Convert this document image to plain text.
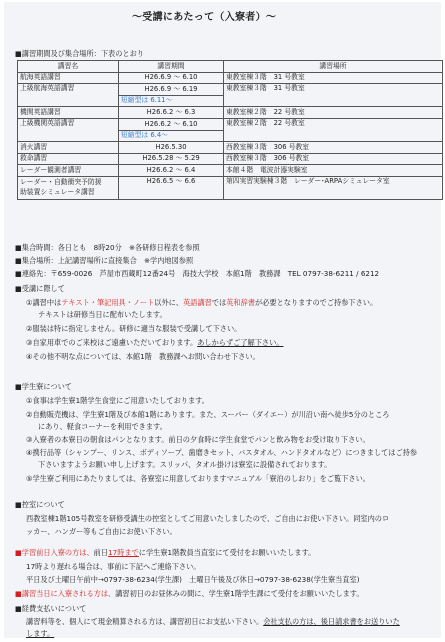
～受講にあたって（入寮者）～
■講習期間及び集合場所：下表のとおり
講習名	講習期間	講習場所
航海英語講習	H26.6.9 ～ 6.10	東教室棟３階　31 号教室
上級航海英語講習	H26.6.9 ～ 6.19	東教室棟３階　31 号教室
	短縮型は 6.11～	
機関英語講習	H26.6.2 ～ 6.3	東教室棟２階　22 号教室
上級機関英語講習	H26.6.2 ～ 6.10	東教室棟２階　22 号教室
	短縮型は 6.4～	
消火講習	H26.5.30	西教室棟３階　306 号教室
救命講習	H26.5.28 ～ 5.29	西教室棟３階　306 号教室
レーダー観測者講習	H26.6.2 ～ 6.4	本館４階　電波計器実験室
レーダー・自動衝突予防援
助装置シミュレータ講習	H26.6.5 ～ 6.6	第四実習実験棟３階　レーダー･ARPAシミュレータ室
■集合時間：各日とも　8時20分　※各研修日程表を参照
■集合場所：上記講習場所に直接集合　※学内地図参照
■連絡先：〒659-0026　芦屋市西蔵町12番24号　海技大学校　本館1階　教務課　TEL 0797-38-6211 / 6212
■受講に際して
①講習中はテキスト・筆記用具・ノート以外に、英語講習では英和辞書が必要となりますのでご持参下さい。
テキストは研修当日に配布いたします。
②服装は特に指定しません。研修に適当な服装で受講して下さい。
③自家用車でのご来校はご遠慮いただいております。あしからずご了解下さい。
④その他不明な点については、本館1階　教務課へお問い合わせ下さい。
■学生寮について
①食事は学生寮1階学生食堂にご用意いたしております。
②自動販売機は、学生寮1階及び本館1階にあります。また、スーパー（ダイエー）が川沿い南へ徒歩5分のところ
にあり、軽食コーナーを利用できます。
③入寮者の本寮日の朝食はパンとなります。前日の夕食時に学生食堂でパンと飲み物をお受け取り下さい。
④携行品等（シャンプー、リンス、ボディソープ、歯磨きセット、バスタオル、ハンドタオルなど）につきましてはご持参
下さいますようお願い申し上げます。スリッパ、タオル掛けは寮室に設備されております。
⑤学生寮ご利用にあたりましては、各寮室に用意しておりますマニュアル「寮泊のしおり」をご覧下さい。
■控室について
西教室棟1階105号教室を研修受講生の控室としてご用意いたしましたので、ご自由にお使い下さい。同室内のロ
ッカー、ハンガー等もご自由にお使い下さい。
■学習前日入寮の方は、前日17時までに学生寮1階教員当直室にて受付をお願いいたします。
17時より遅れる場合は、事前に下記へご連絡下さい。
平日及び土曜日午前中→0797-38-6234(学生課)　土曜日午後及び休日→0797-38-6238(学生寮当直室)
■講習当日に入寮される方は、講習初日のお昼休みの間に、学生寮1階学生課にて受付をお願いいたします。
■経費支払いについて
講習料等を、個人にて現金精算される方は、講習初日にお支払い下さい。会社支払の方は、後日請求書をお送りいた
します。
